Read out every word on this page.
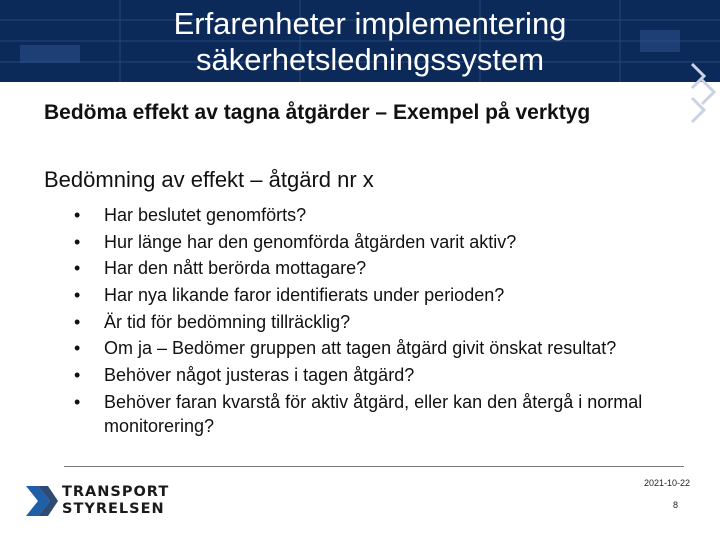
Erfarenheter implementering
säkerhetsledningssystem
Bedöma effekt av tagna åtgärder – Exempel på verktyg
Bedömning av effekt – åtgärd nr x
• Har beslutet genomförts?
• Hur länge har den genomförda åtgärden varit aktiv?
• Har den nått berörda mottagare?
• Har nya likande faror identifierats under perioden?
• Är tid för bedömning tillräcklig?
• Om ja – Bedömer gruppen att tagen åtgärd givit önskat resultat?
• Behöver något justeras i tagen åtgärd?
• Behöver faran kvarstå för aktiv åtgärd, eller kan den återgå i normal monitorering?
TRANSPORT
STYRELSEN
2021-10-22
8
